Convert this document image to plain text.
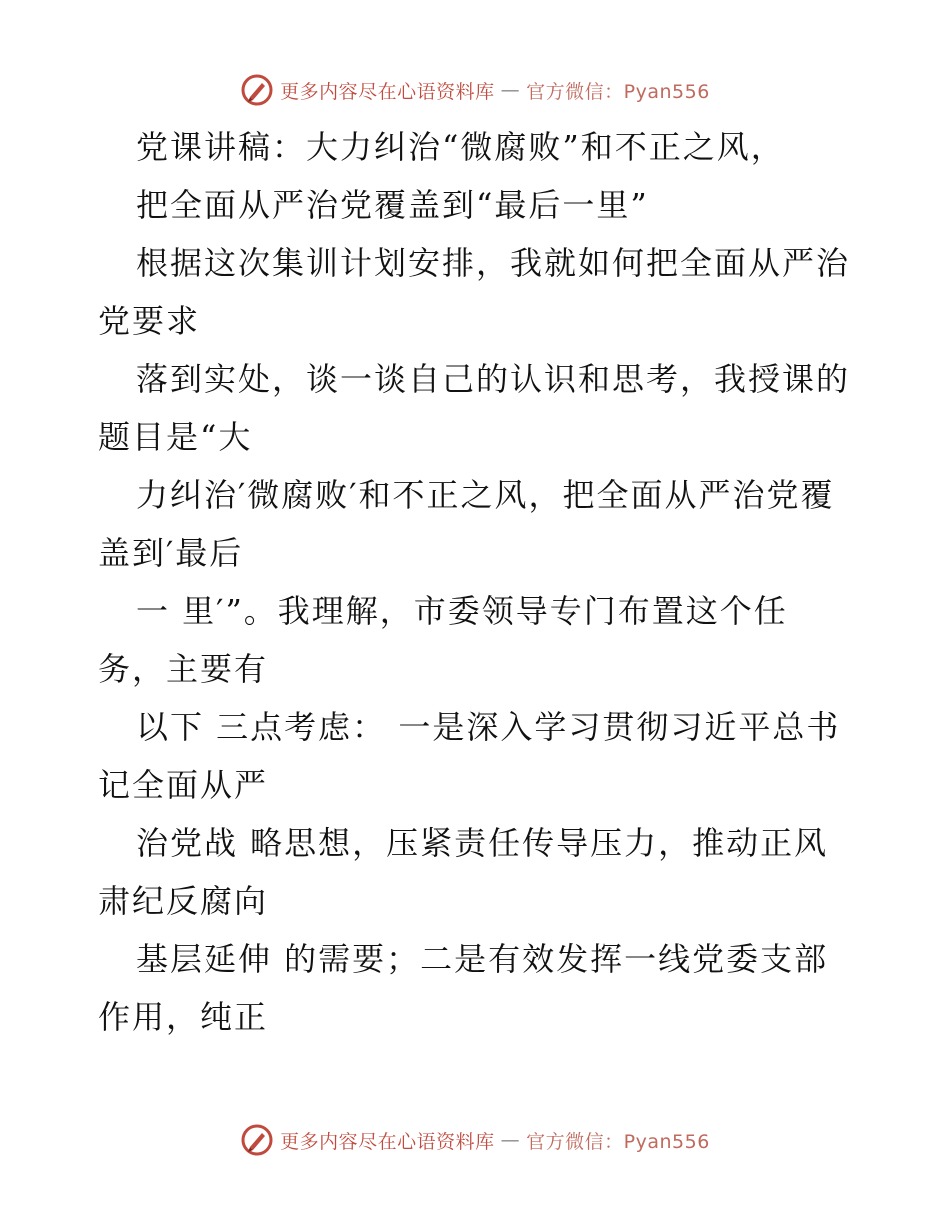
更多内容尽在心语资料库 — 官方微信：Pyan556
党课讲稿：大力纠治“微腐败”和不正之风，
把全面从严治党覆盖到“最后一里”
根据这次集训计划安排，我就如何把全面从严治
党要求
落到实处，谈一谈自己的认识和思考，我授课的
题目是“大
力纠治′微腐败′和不正之风，把全面从严治党覆
盖到′最后
一 里′”。我理解，市委领导专门布置这个任
务，主要有
以下 三点考虑： 一是深入学习贯彻习近平总书
记全面从严
治党战 略思想，压紧责任传导压力，推动正风
肃纪反腐向
基层延伸 的需要；二是有效发挥一线党委支部
作用，纯正
更多内容尽在心语资料库 — 官方微信：Pyan556
